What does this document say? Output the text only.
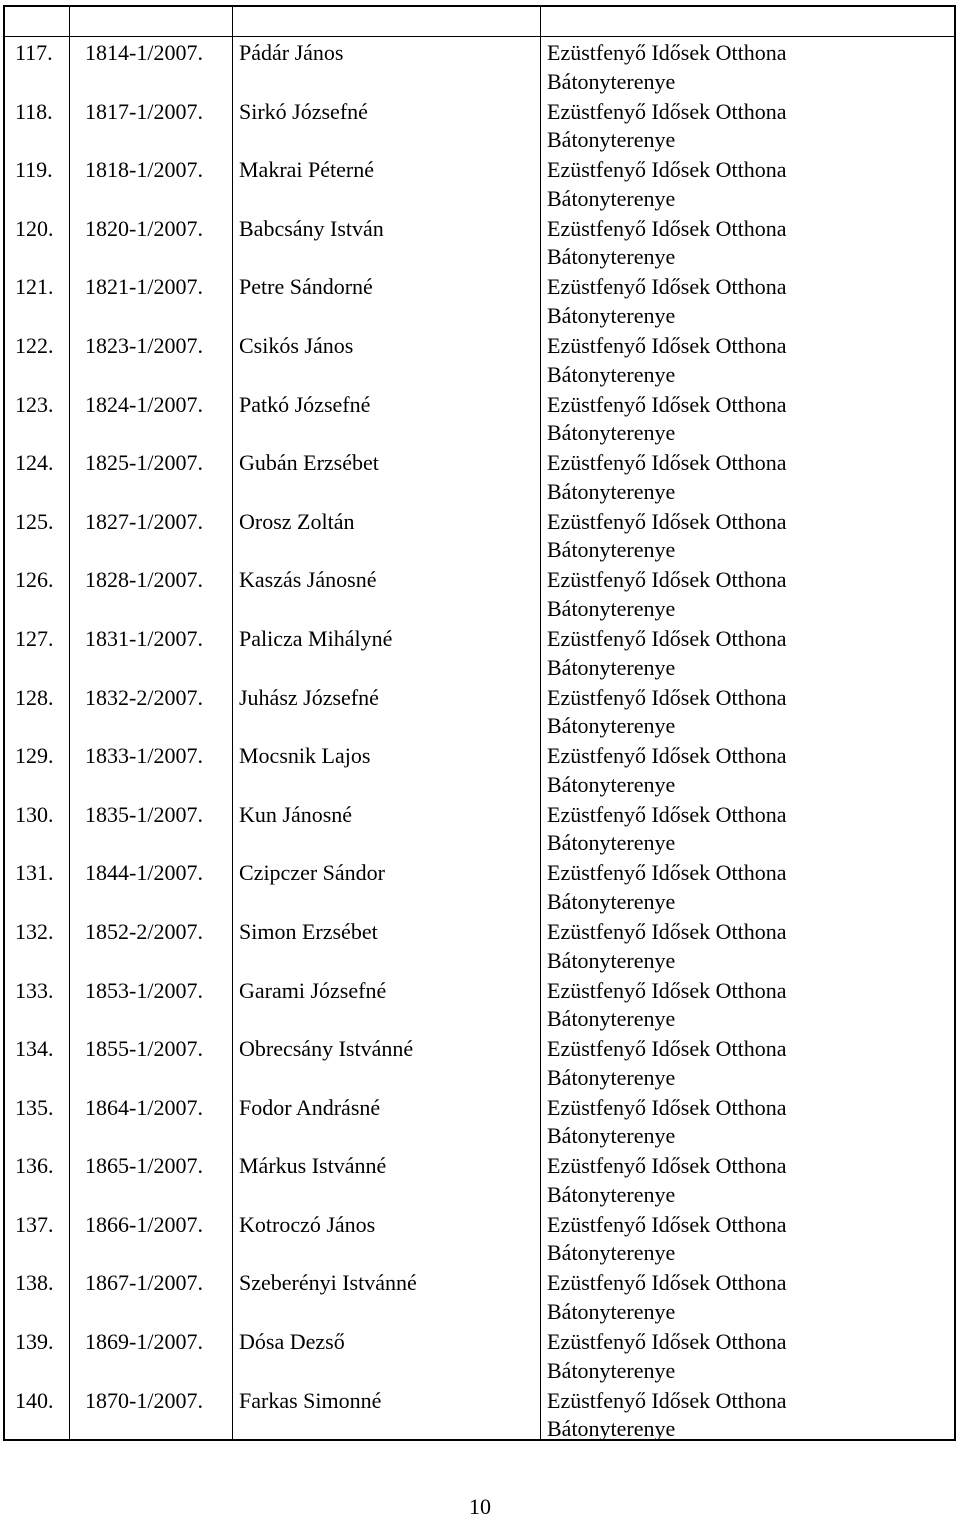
117. 1814-1/2007. Pádár János	Ezüstfenyő Idősek Otthona
Bátonyterenye
118. 1817-1/2007. Sirkó Józsefné	Ezüstfenyő Idősek Otthona
Bátonyterenye
119. 1818-1/2007. Makrai Péterné	Ezüstfenyő Idősek Otthona
Bátonyterenye
120. 1820-1/2007. Babcsány István	Ezüstfenyő Idősek Otthona
Bátonyterenye
121. 1821-1/2007. Petre Sándorné	Ezüstfenyő Idősek Otthona
Bátonyterenye
122. 1823-1/2007. Csikós János	Ezüstfenyő Idősek Otthona
Bátonyterenye
123. 1824-1/2007. Patkó Józsefné	Ezüstfenyő Idősek Otthona
Bátonyterenye
124. 1825-1/2007. Gubán Erzsébet	Ezüstfenyő Idősek Otthona
Bátonyterenye
125. 1827-1/2007. Orosz Zoltán	Ezüstfenyő Idősek Otthona
Bátonyterenye
126. 1828-1/2007. Kaszás Jánosné	Ezüstfenyő Idősek Otthona
Bátonyterenye
127. 1831-1/2007. Palicza Mihályné	Ezüstfenyő Idősek Otthona
Bátonyterenye
128. 1832-2/2007. Juhász Józsefné	Ezüstfenyő Idősek Otthona
Bátonyterenye
129. 1833-1/2007. Mocsnik Lajos	Ezüstfenyő Idősek Otthona
Bátonyterenye
130. 1835-1/2007. Kun Jánosné	Ezüstfenyő Idősek Otthona
Bátonyterenye
131. 1844-1/2007. Czipczer Sándor	Ezüstfenyő Idősek Otthona
Bátonyterenye
132. 1852-2/2007. Simon Erzsébet	Ezüstfenyő Idősek Otthona
Bátonyterenye
133. 1853-1/2007. Garami Józsefné	Ezüstfenyő Idősek Otthona
Bátonyterenye
134. 1855-1/2007. Obrecsány Istvánné	Ezüstfenyő Idősek Otthona
Bátonyterenye
135. 1864-1/2007. Fodor Andrásné	Ezüstfenyő Idősek Otthona
Bátonyterenye
136. 1865-1/2007. Márkus Istvánné	Ezüstfenyő Idősek Otthona
Bátonyterenye
137. 1866-1/2007. Kotroczó János	Ezüstfenyő Idősek Otthona
Bátonyterenye
138. 1867-1/2007. Szeberényi Istvánné	Ezüstfenyő Idősek Otthona
Bátonyterenye
139. 1869-1/2007. Dósa Dezső	Ezüstfenyő Idősek Otthona
Bátonyterenye
140. 1870-1/2007. Farkas Simonné	Ezüstfenyő Idősek Otthona
Bátonyterenye
10
